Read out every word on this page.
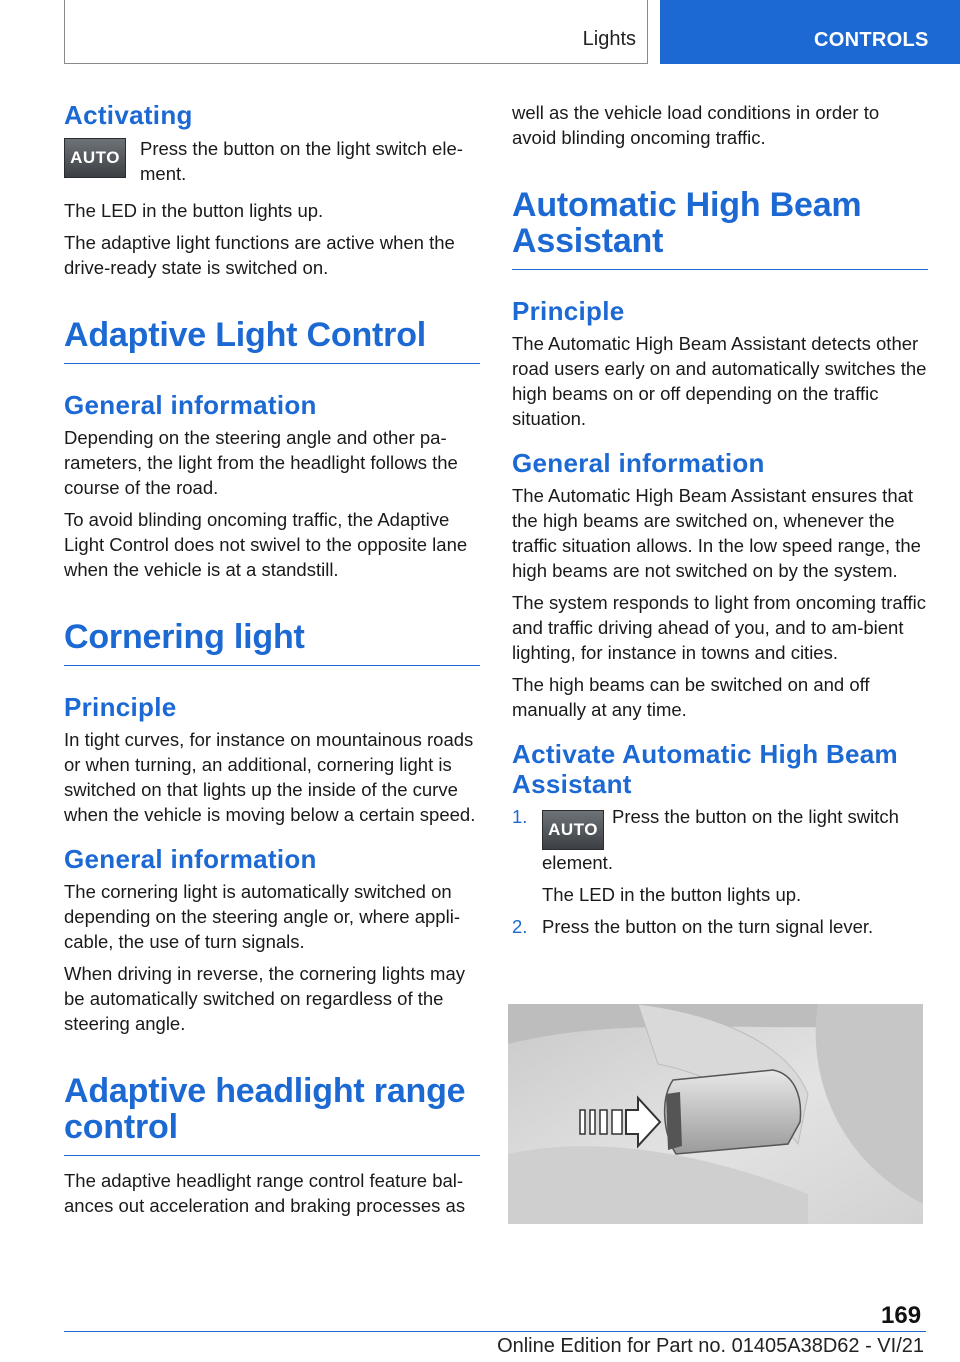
Lights	CONTROLS
Activating
AUTO	Press the button on the light switch ele-ment.

The LED in the button lights up.

The adaptive light functions are active when the drive-ready state is switched on.

Adaptive Light Control
General information

Depending on the steering angle and other pa-rameters, the light from the headlight follows the course of the road.

To avoid blinding oncoming traffic, the Adaptive Light Control does not swivel to the opposite lane when the vehicle is at a standstill.

Cornering light
Principle

In tight curves, for instance on mountainous roads or when turning, an additional, cornering light is switched on that lights up the inside of the curve when the vehicle is moving below a certain speed.

General information

The cornering light is automatically switched on depending on the steering angle or, where appli-cable, the use of turn signals.

When driving in reverse, the cornering lights may be automatically switched on regardless of the steering angle.

Adaptive headlight range control

The adaptive headlight range control feature bal-ances out acceleration and braking processes as

well as the vehicle load conditions in order to avoid blinding oncoming traffic.

Automatic High Beam Assistant
Principle

The Automatic High Beam Assistant detects other road users early on and automatically switches the high beams on or off depending on the traffic situation.

General information

The Automatic High Beam Assistant ensures that the high beams are switched on, whenever the traffic situation allows. In the low speed range, the high beams are not switched on by the system.

The system responds to light from oncoming traffic and traffic driving ahead of you, and to am-bient lighting, for instance in towns and cities.

The high beams can be switched on and off manually at any time.

Activate Automatic High Beam Assistant
1.
AUTOPress the button on the light switch element.
The LED in the button lights up.
2. Press the button on the turn signal lever.
169
Online Edition for Part no. 01405A38D62 - VI/21
